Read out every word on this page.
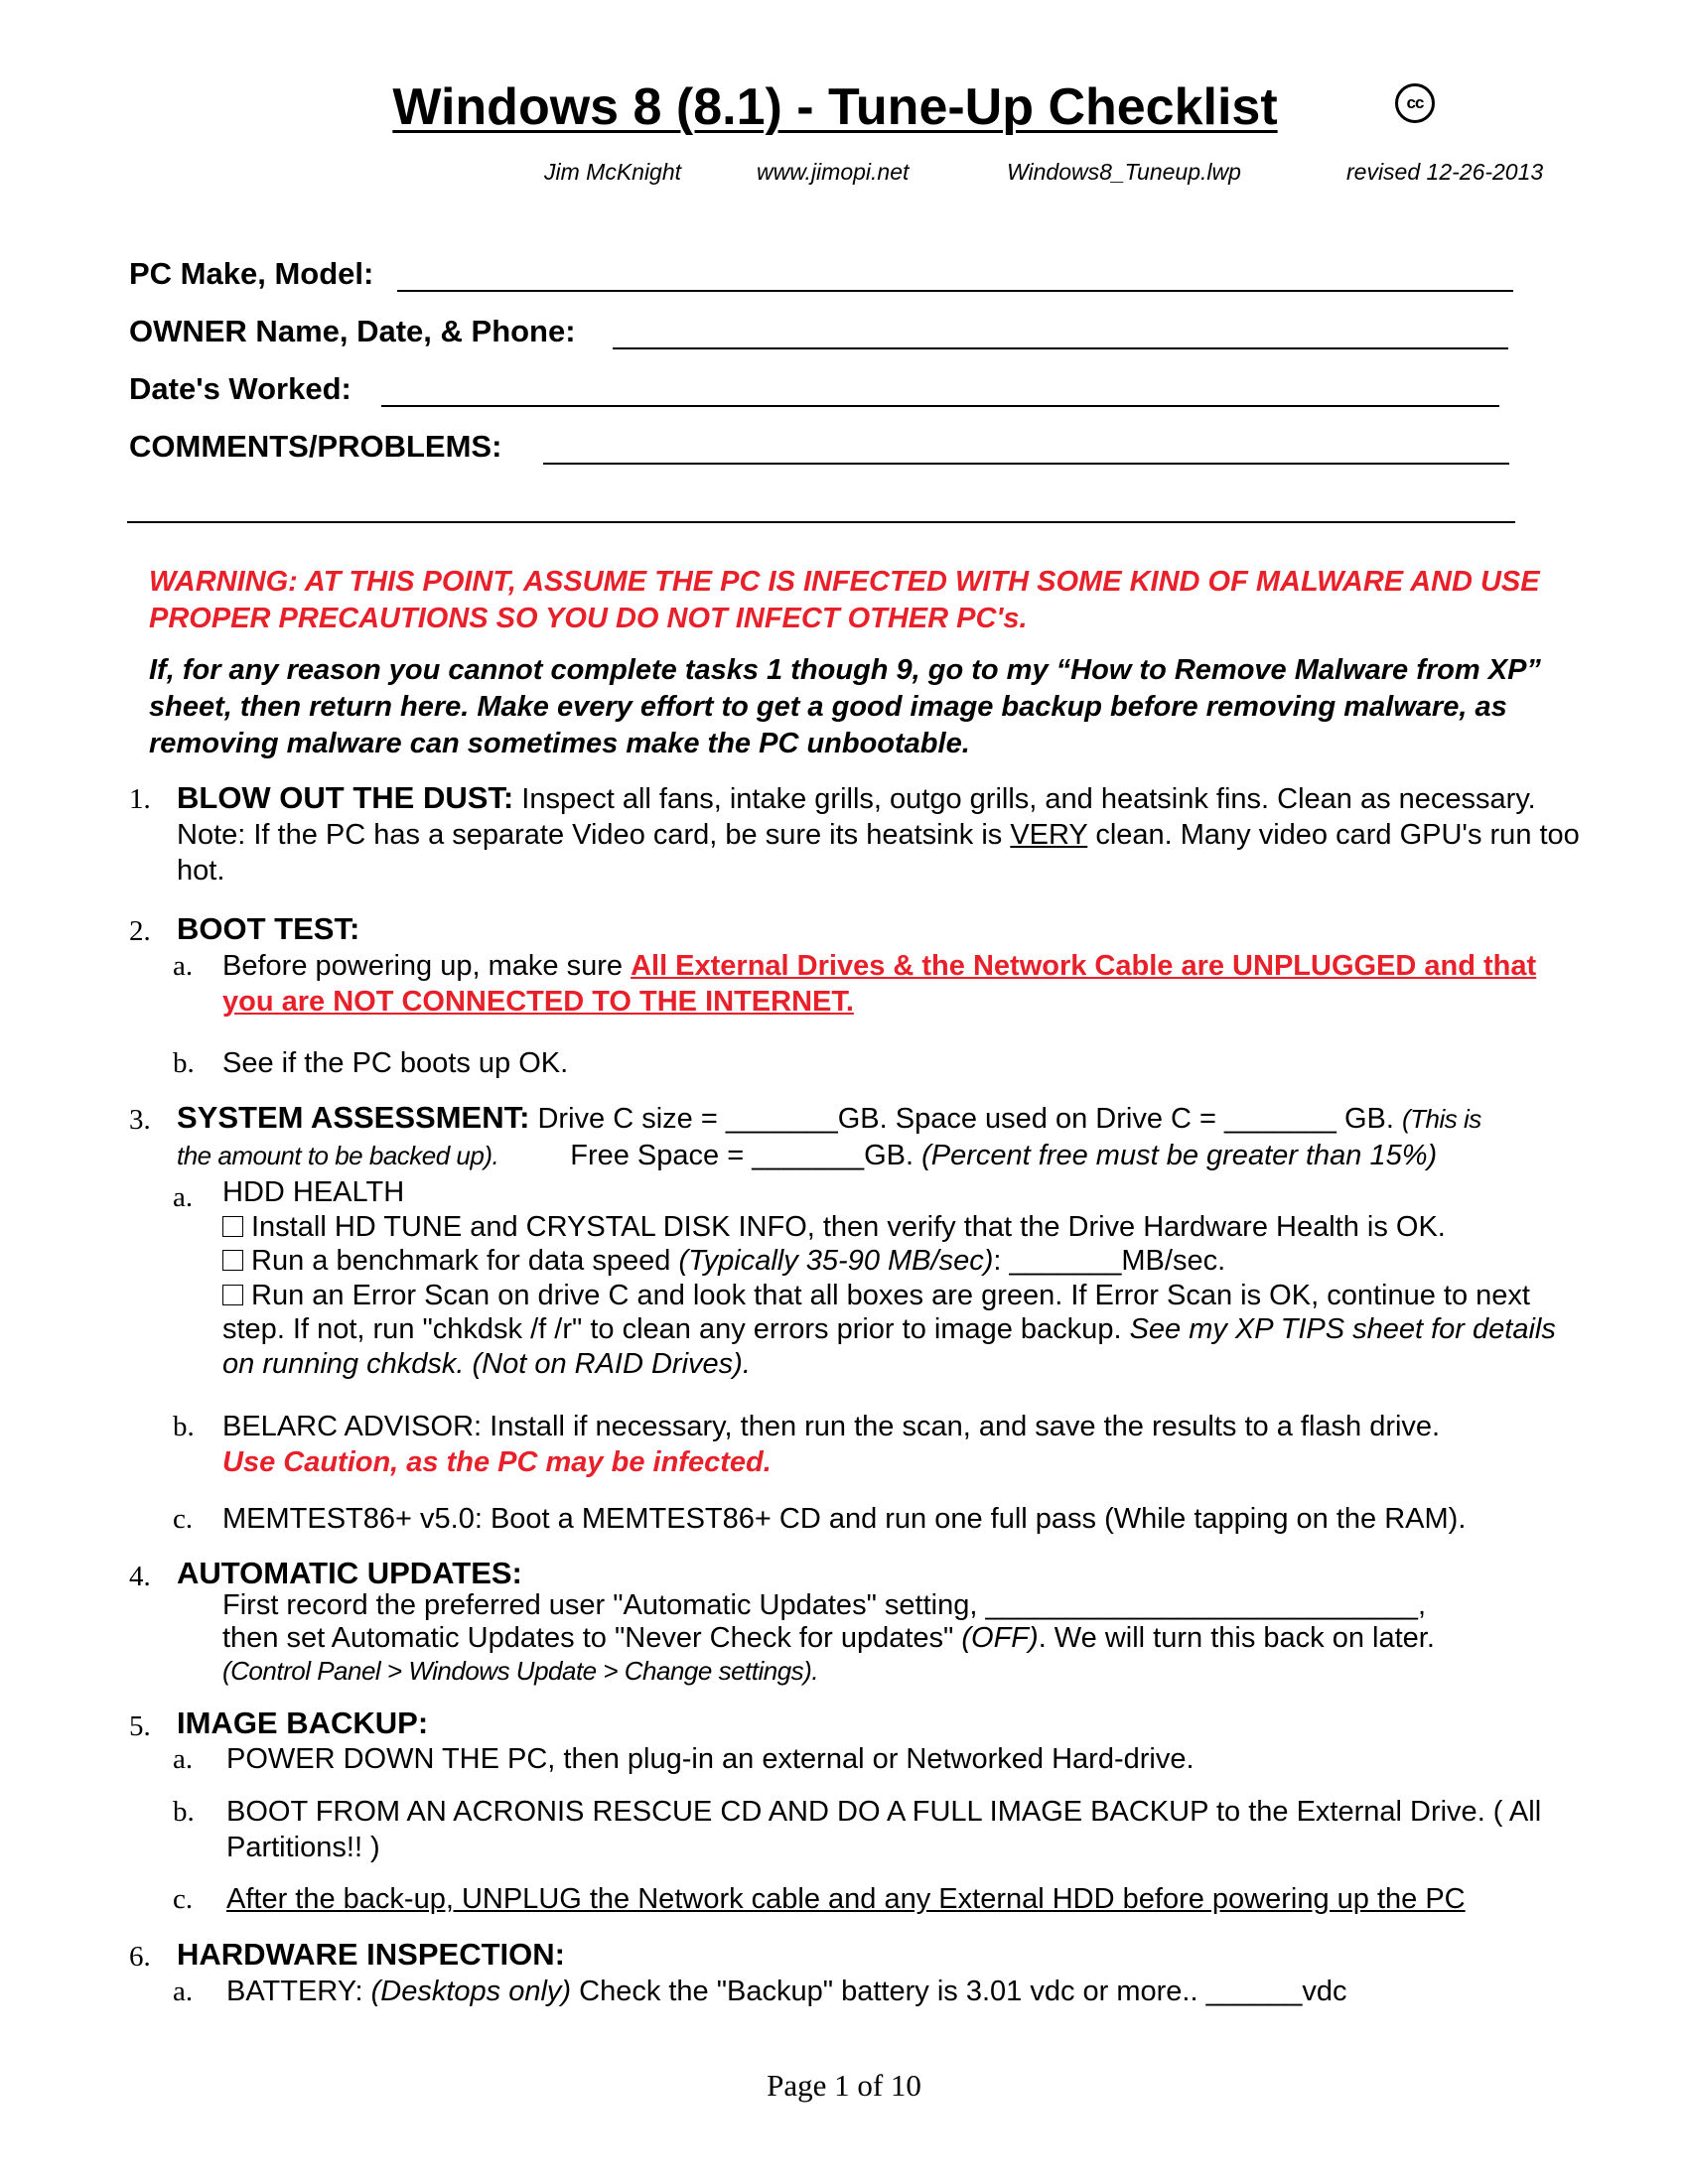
Windows 8 (8.1) - Tune-Up Checklist	cc
Jim McKnight	www.jimopi.net	Windows8_Tuneup.lwp	revised 12-26-2013
PC Make, Model:
OWNER Name, Date, & Phone:
Date's Worked:
COMMENTS/PROBLEMS:
WARNING: AT THIS POINT, ASSUME THE PC IS INFECTED WITH SOME KIND OF MALWARE AND USE PROPER PRECAUTIONS SO YOU DO NOT INFECT OTHER PC's.
If, for any reason you cannot complete tasks 1 though 9, go to my “How to Remove Malware from XP” sheet, then return here. Make every effort to get a good image backup before removing malware, as removing malware can sometimes make the PC unbootable.
1. BLOW OUT THE DUST: Inspect all fans, intake grills, outgo grills, and heatsink fins. Clean as necessary. Note: If the PC has a separate Video card, be sure its heatsink is VERY clean. Many video card GPU's run too hot.
2. BOOT TEST:
a. Before powering up, make sure All External Drives & the Network Cable are UNPLUGGED and that you are NOT CONNECTED TO THE INTERNET.
b. See if the PC boots up OK.
3. SYSTEM ASSESSMENT: Drive C size = _______GB. Space used on Drive C = _______ GB. (This is
the amount to be backed up). Free Space = _______GB. (Percent free must be greater than 15%)
a. HDD HEALTH
Install HD TUNE and CRYSTAL DISK INFO, then verify that the Drive Hardware Health is OK.
Run a benchmark for data speed (Typically 35-90 MB/sec): _______MB/sec.
Run an Error Scan on drive C and look that all boxes are green. If Error Scan is OK, continue to next step. If not, run "chkdsk /f /r" to clean any errors prior to image backup. See my XP TIPS sheet for details on running chkdsk. (Not on RAID Drives).
b. BELARC ADVISOR: Install if necessary, then run the scan, and save the results to a flash drive.
Use Caution, as the PC may be infected.
c. MEMTEST86+ v5.0: Boot a MEMTEST86+ CD and run one full pass (While tapping on the RAM).
4. AUTOMATIC UPDATES:
First record the preferred user "Automatic Updates" setting, ___________________________,
then set Automatic Updates to "Never Check for updates" (OFF). We will turn this back on later.
(Control Panel > Windows Update > Change settings).
5. IMAGE BACKUP:
a. POWER DOWN THE PC, then plug-in an external or Networked Hard-drive.
b. BOOT FROM AN ACRONIS RESCUE CD AND DO A FULL IMAGE BACKUP to the External Drive. ( All Partitions!! )
c. After the back-up, UNPLUG the Network cable and any External HDD before powering up the PC
6. HARDWARE INSPECTION:
a. BATTERY: (Desktops only) Check the "Backup" battery is 3.01 vdc or more.. ______vdc
Page 1 of 10
